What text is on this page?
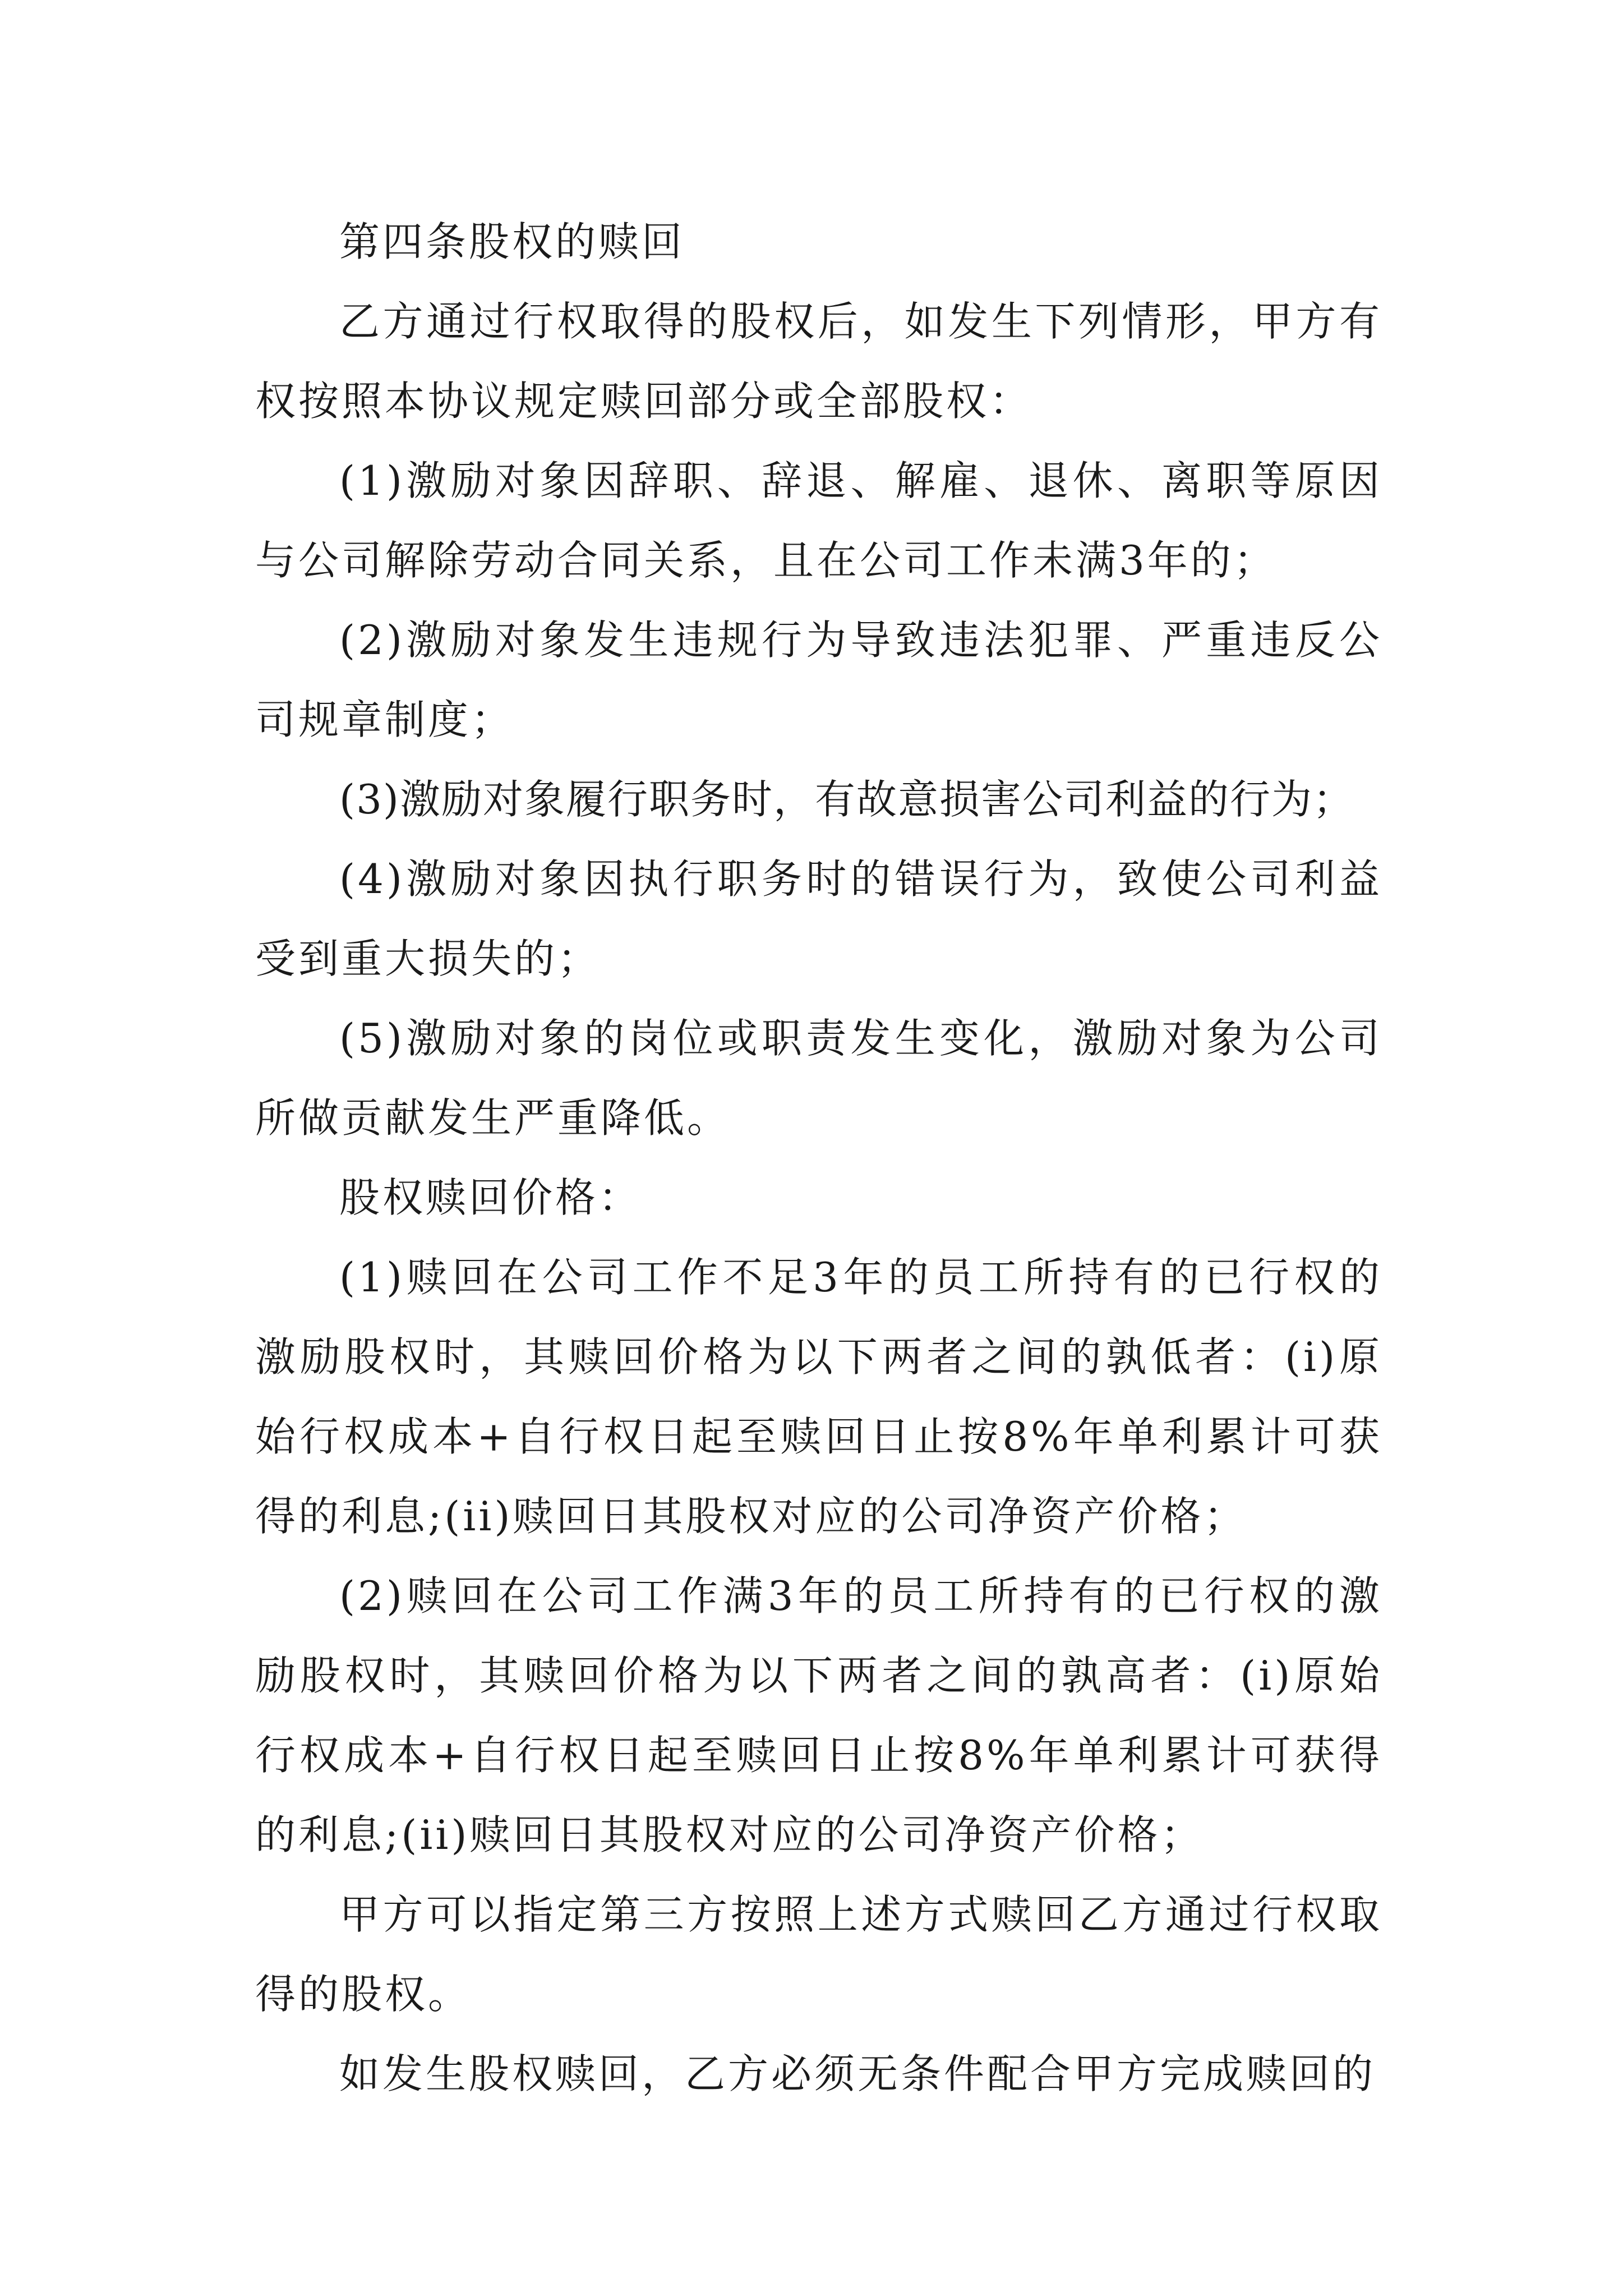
第四条股权的赎回

乙方通过行权取得的股权后，如发生下列情形，甲方有权按照本协议规定赎回部分或全部股权：

(1)激励对象因辞职、辞退、解雇、退休、离职等原因与公司解除劳动合同关系，且在公司工作未满3年的；

(2)激励对象发生违规行为导致违法犯罪、严重违反公司规章制度；

(3)激励对象履行职务时，有故意损害公司利益的行为；

(4)激励对象因执行职务时的错误行为，致使公司利益受到重大损失的；

(5)激励对象的岗位或职责发生变化，激励对象为公司所做贡献发生严重降低。

股权赎回价格：

(1)赎回在公司工作不足3年的员工所持有的已行权的激励股权时，其赎回价格为以下两者之间的孰低者：(i)原始行权成本+自行权日起至赎回日止按8%年单利累计可获得的利息;(ii)赎回日其股权对应的公司净资产价格；

(2)赎回在公司工作满3年的员工所持有的已行权的激励股权时，其赎回价格为以下两者之间的孰高者：(i)原始行权成本+自行权日起至赎回日止按8%年单利累计可获得的利息;(ii)赎回日其股权对应的公司净资产价格；

甲方可以指定第三方按照上述方式赎回乙方通过行权取得的股权。

如发生股权赎回，乙方必须无条件配合甲方完成赎回的
